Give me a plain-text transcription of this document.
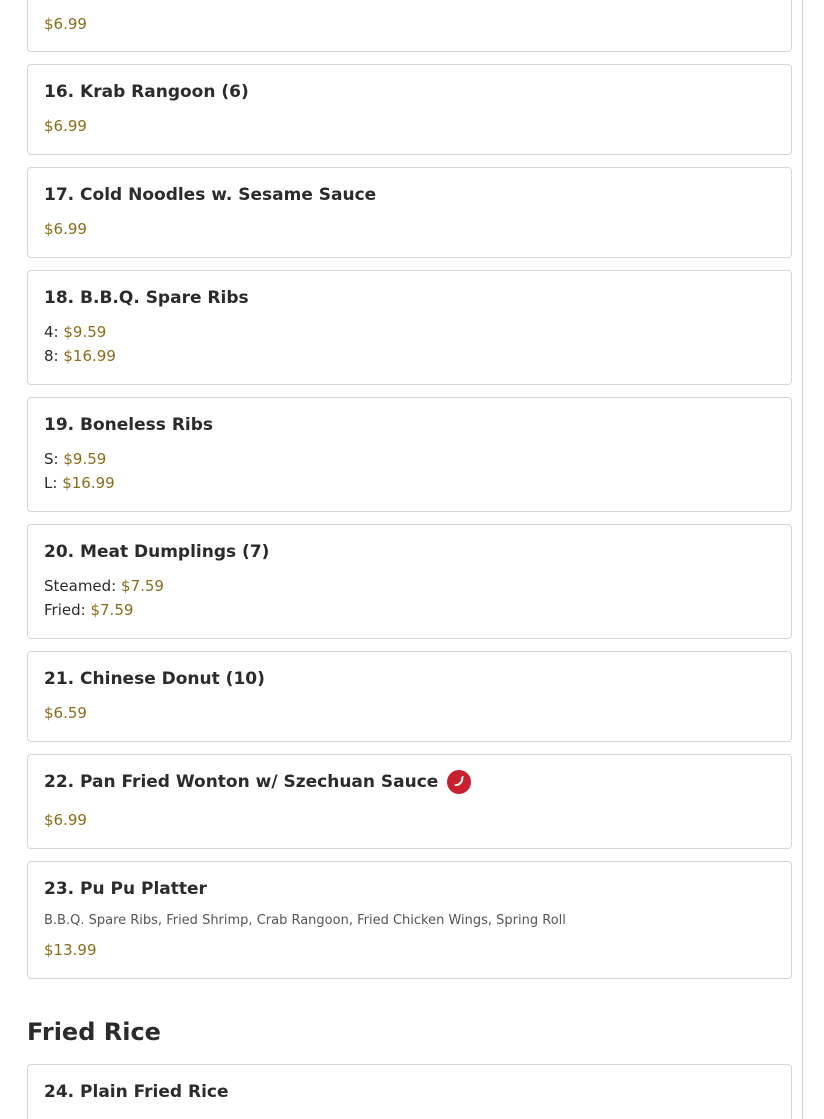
$6.99
16. Krab Rangoon (6)
$6.99
17. Cold Noodles w. Sesame Sauce
$6.99
18. B.B.Q. Spare Ribs
4: $9.59
8: $16.99
19. Boneless Ribs
S: $9.59
L: $16.99
20. Meat Dumplings (7)
Steamed: $7.59
Fried: $7.59
21. Chinese Donut (10)
$6.59
22. Pan Fried Wonton w/ Szechuan Sauce
$6.99
23. Pu Pu Platter
B.B.Q. Spare Ribs, Fried Shrimp, Crab Rangoon, Fried Chicken Wings, Spring Roll
$13.99
Fried Rice
24. Plain Fried Rice
